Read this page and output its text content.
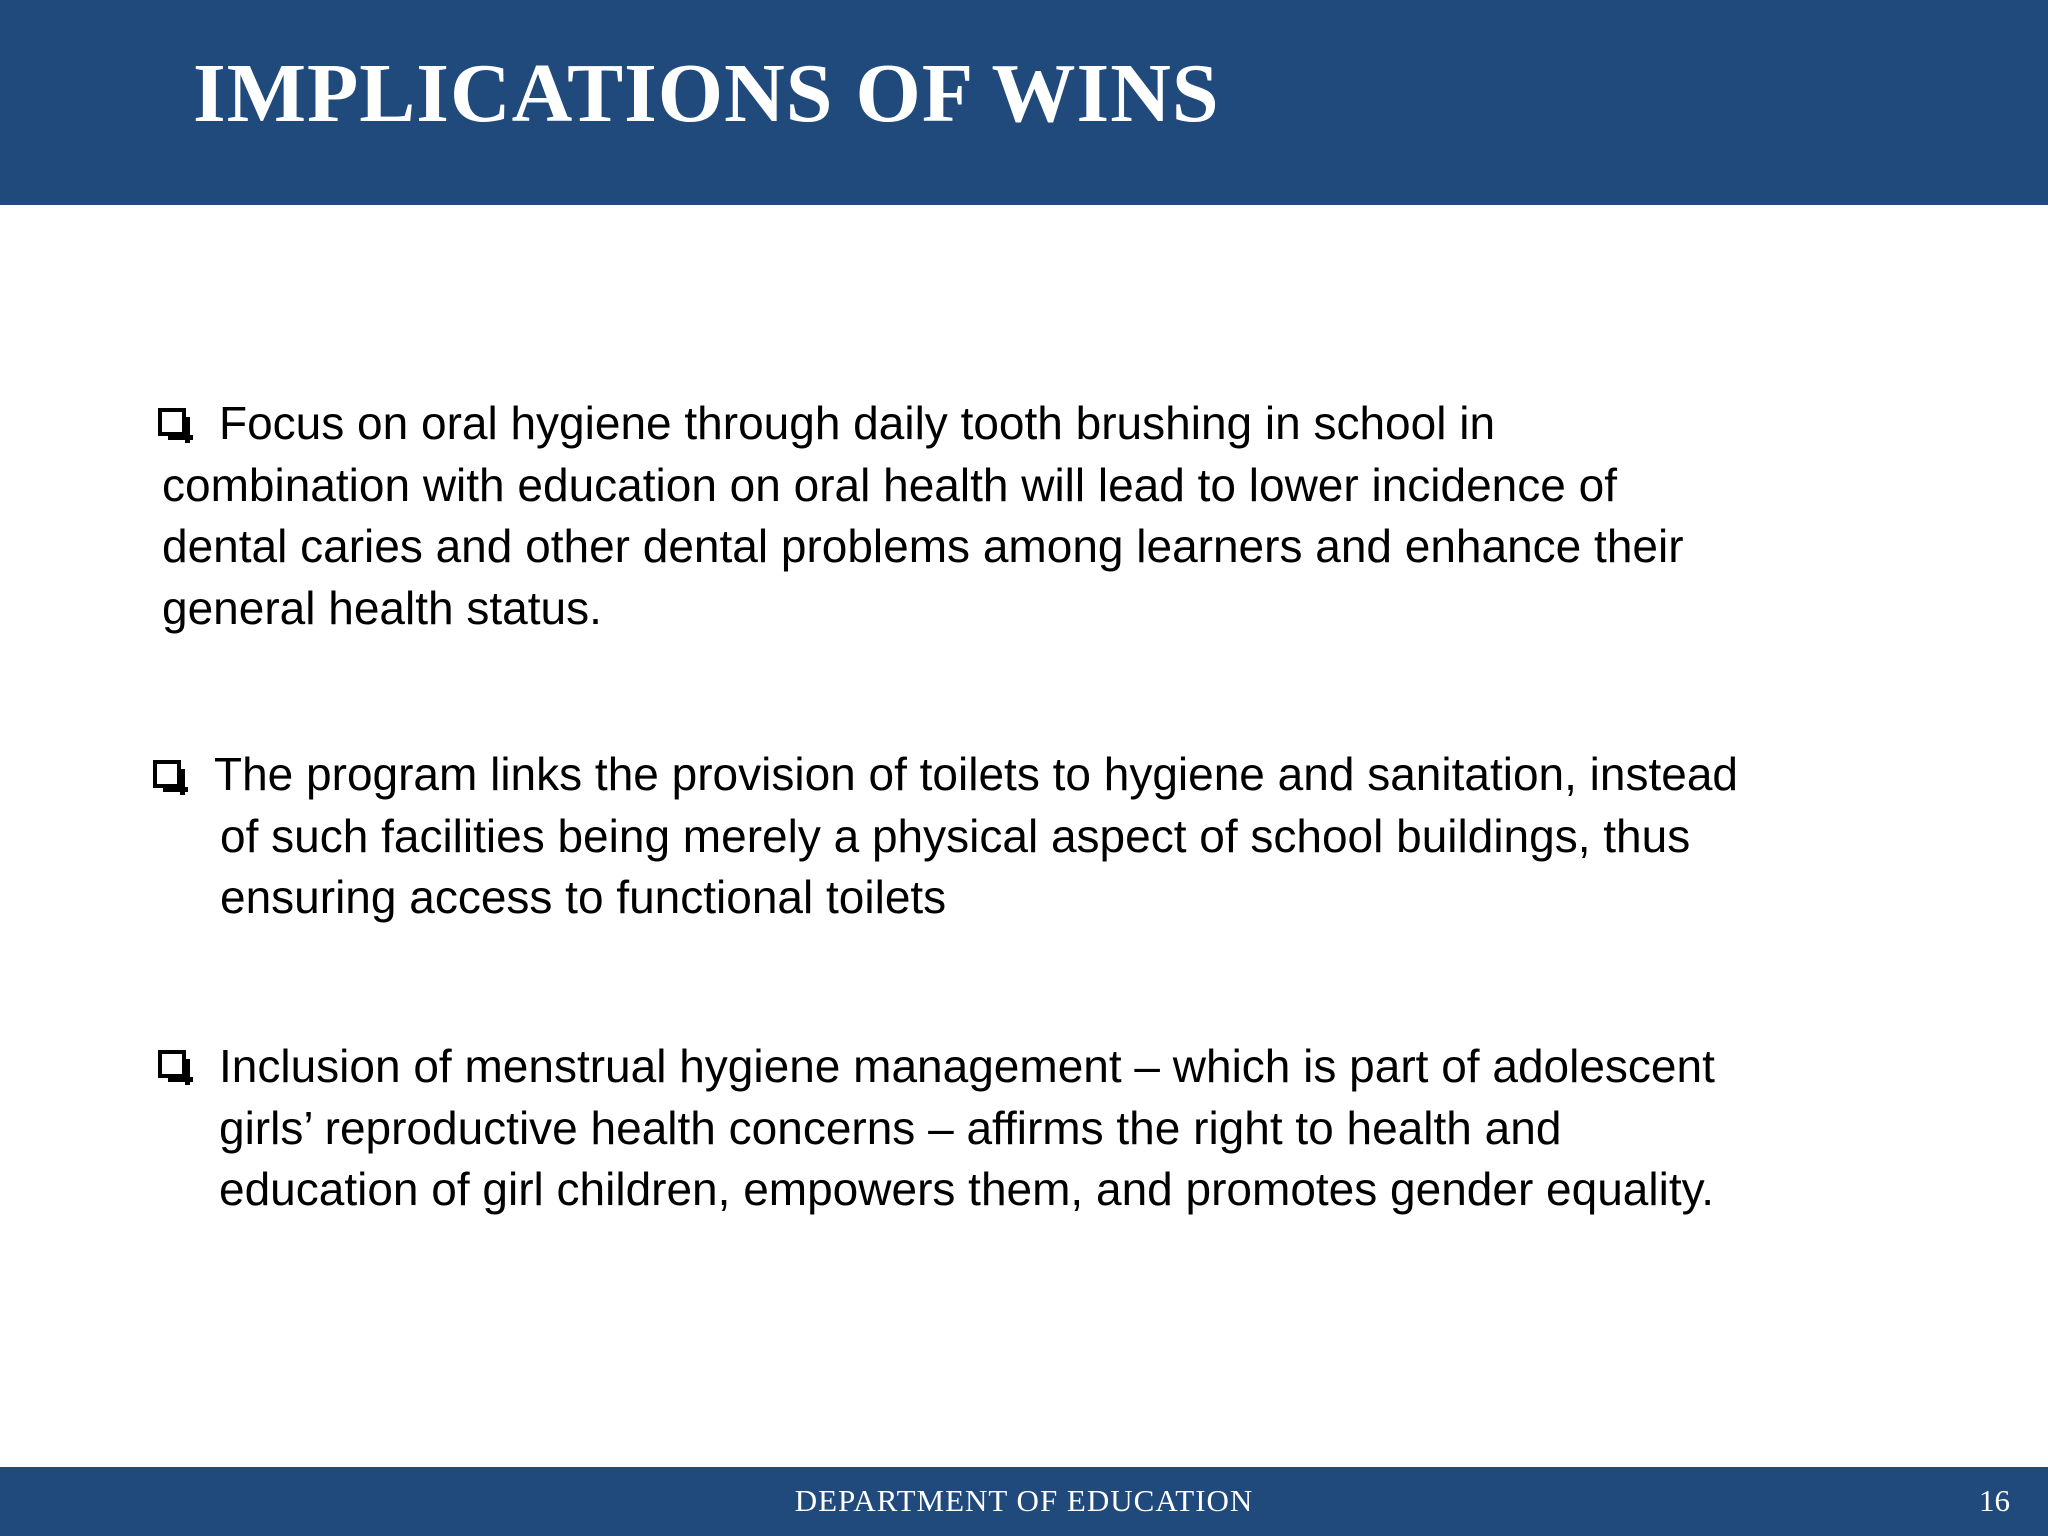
IMPLICATIONS OF WINS

Focus on oral hygiene through daily tooth brushing in school in
combination with education on oral health will lead to lower incidence of
dental caries and other dental problems among learners and enhance their
general health status.

The program links the provision of toilets to hygiene and sanitation, instead
of such facilities being merely a physical aspect of school buildings, thus
ensuring access to functional toilets

Inclusion of menstrual hygiene management – which is part of adolescent
girls’ reproductive health concerns – affirms the right to health and
education of girl children, empowers them, and promotes gender equality.

DEPARTMENT OF EDUCATION	16
